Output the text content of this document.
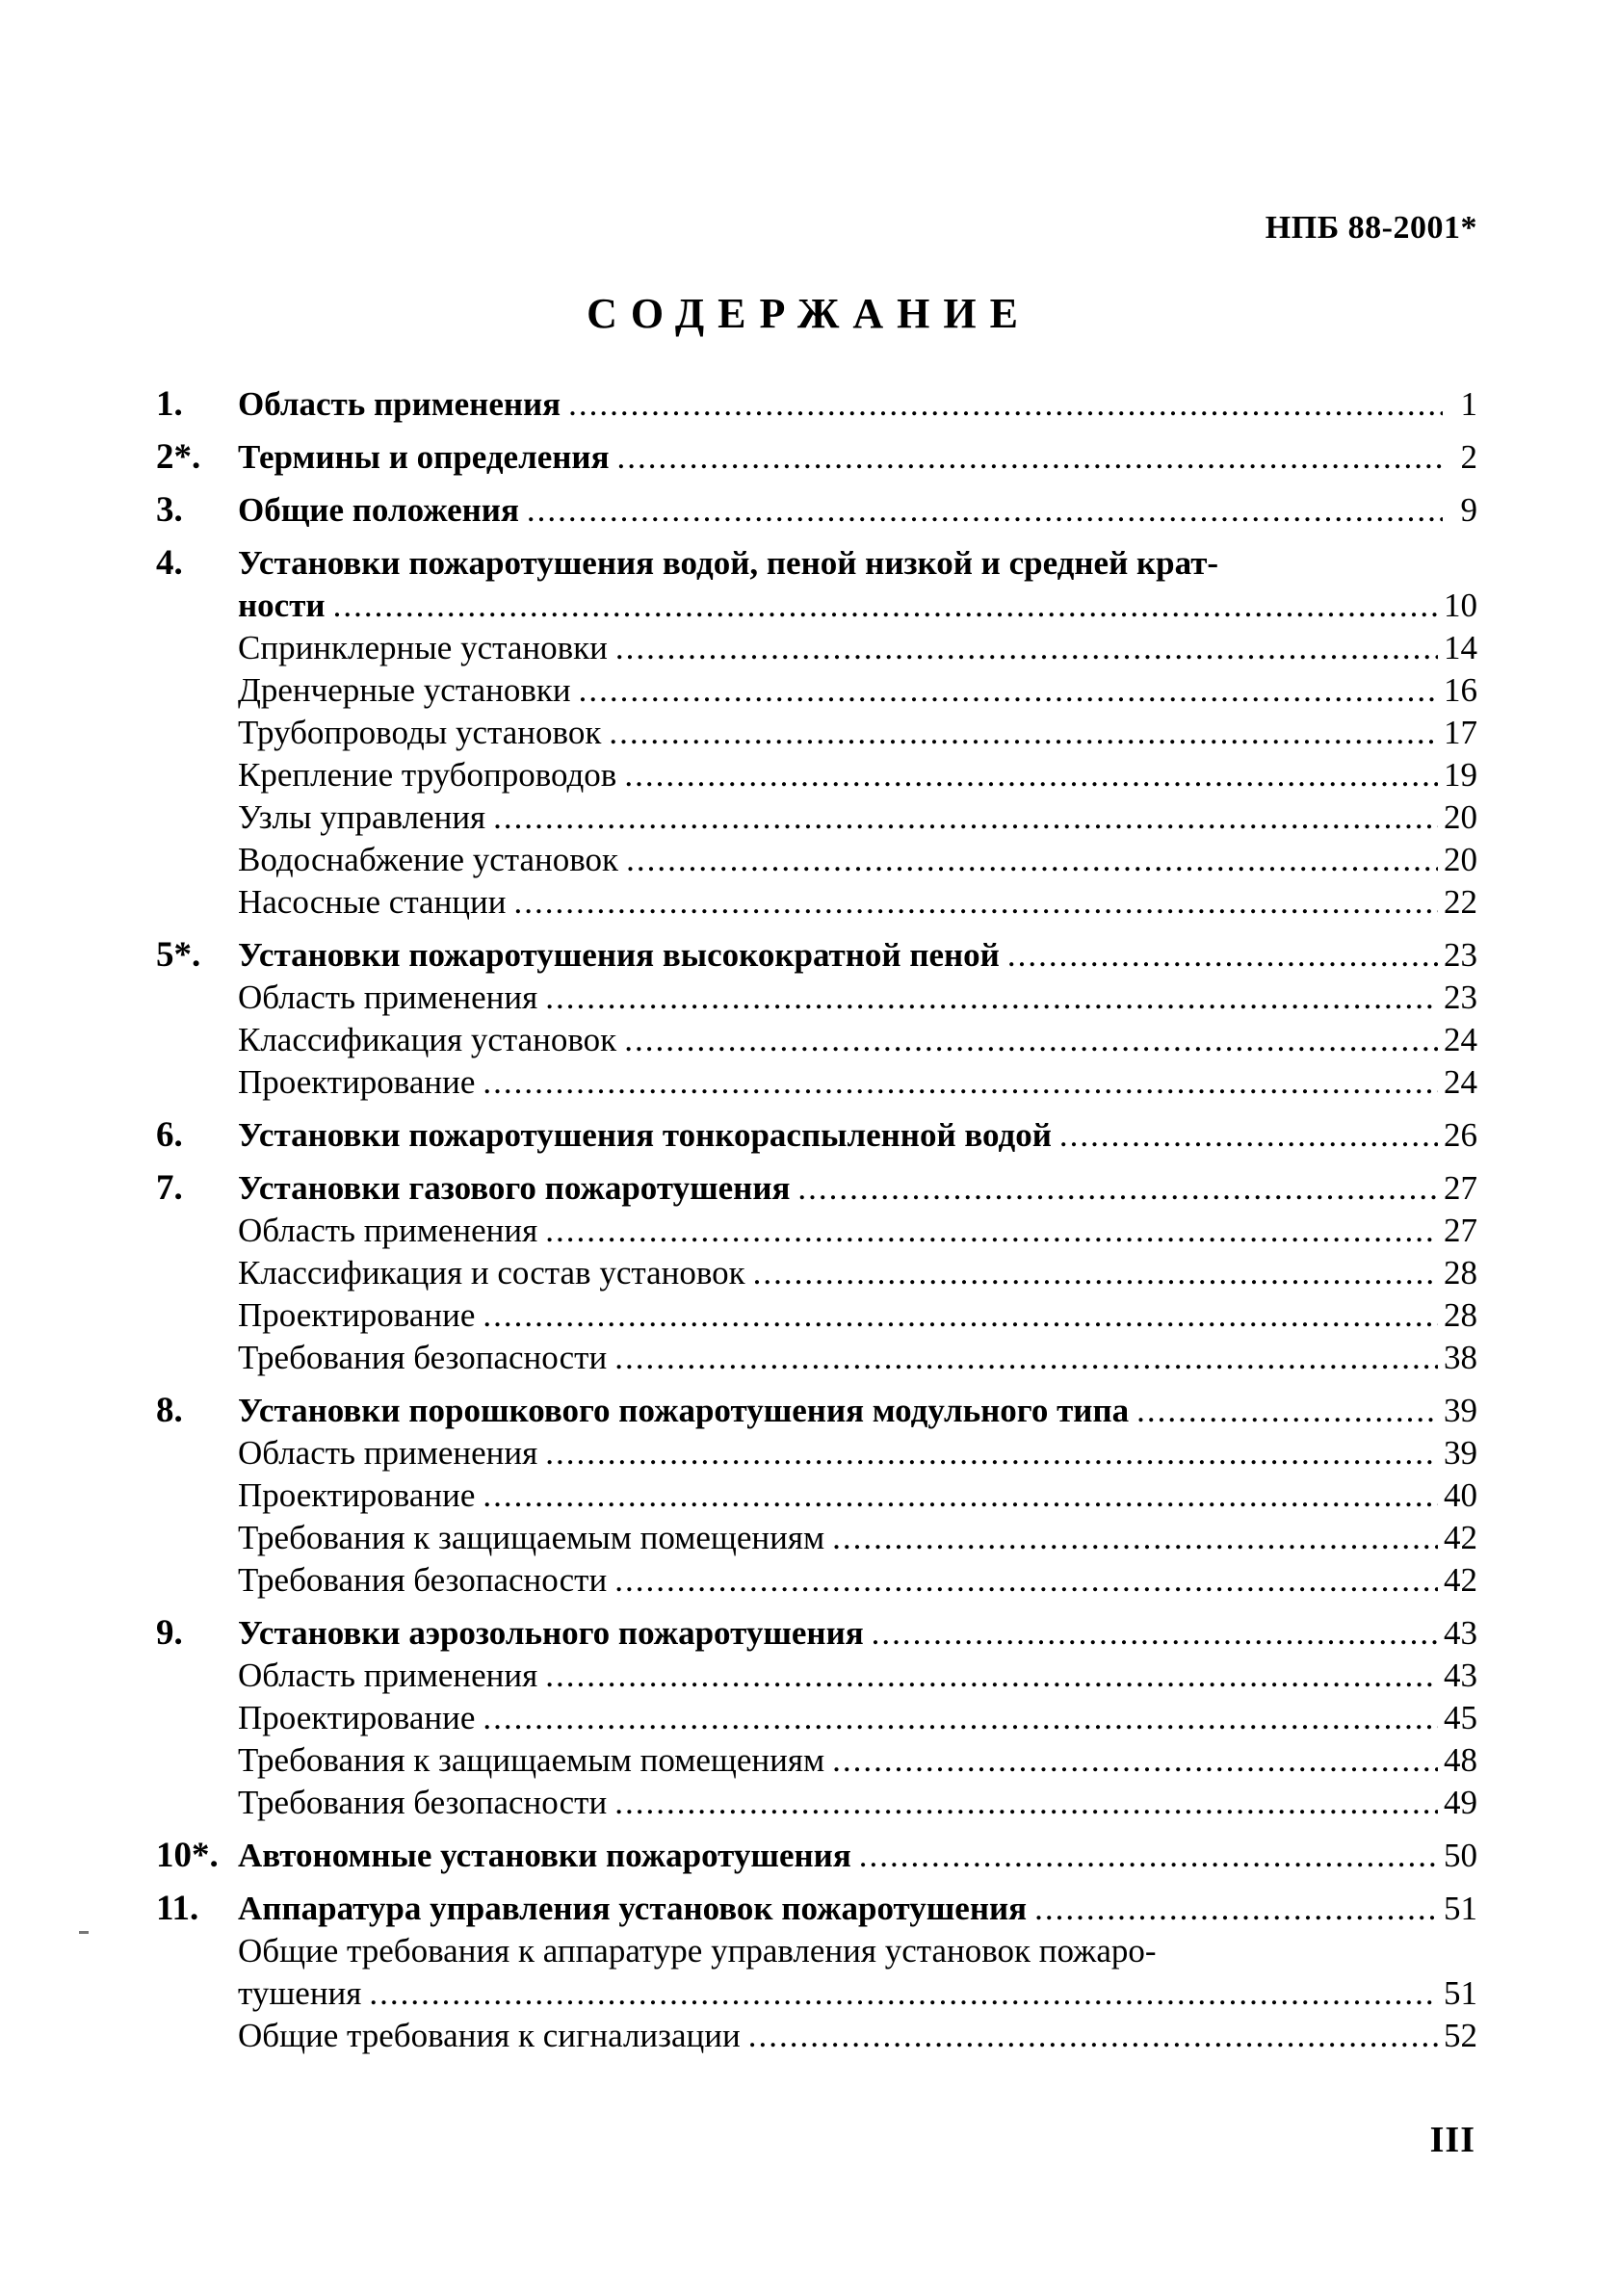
НПБ 88-2001*
СОДЕРЖАНИЕ
1.	Область применения .....	1
2*.	Термины и определения .....	2
3.	Общие положения .....	9
4.	Установки пожаротушения водой, пеной низкой и средней крат-
ности .....	10
Спринклерные установки .....	14
Дренчерные установки .....	16
Трубопроводы установок .....	17
Крепление трубопроводов .....	19
Узлы управления .....	20
Водоснабжение установок .....	20
Насосные станции .....	22
5*.	Установки пожаротушения высокократной пеной .....	23
Область применения .....	23
Классификация установок .....	24
Проектирование .....	24
6.	Установки пожаротушения тонкораспыленной водой .....	26
7.	Установки газового пожаротушения .....	27
Область применения .....	27
Классификация и состав установок .....	28
Проектирование .....	28
Требования безопасности .....	38
8.	Установки порошкового пожаротушения модульного типа .....	39
Область применения .....	39
Проектирование .....	40
Требования к защищаемым помещениям .....	42
Требования безопасности .....	42
9.	Установки аэрозольного пожаротушения .....	43
Область применения .....	43
Проектирование .....	45
Требования к защищаемым помещениям .....	48
Требования безопасности .....	49
10*. Автономные установки пожаротушения .....	50
11.	Аппаратура управления установок пожаротушения .....	51
Общие требования к аппаратуре управления установок пожаро-
тушения .....	51
Общие требования к сигнализации .....	52
III
